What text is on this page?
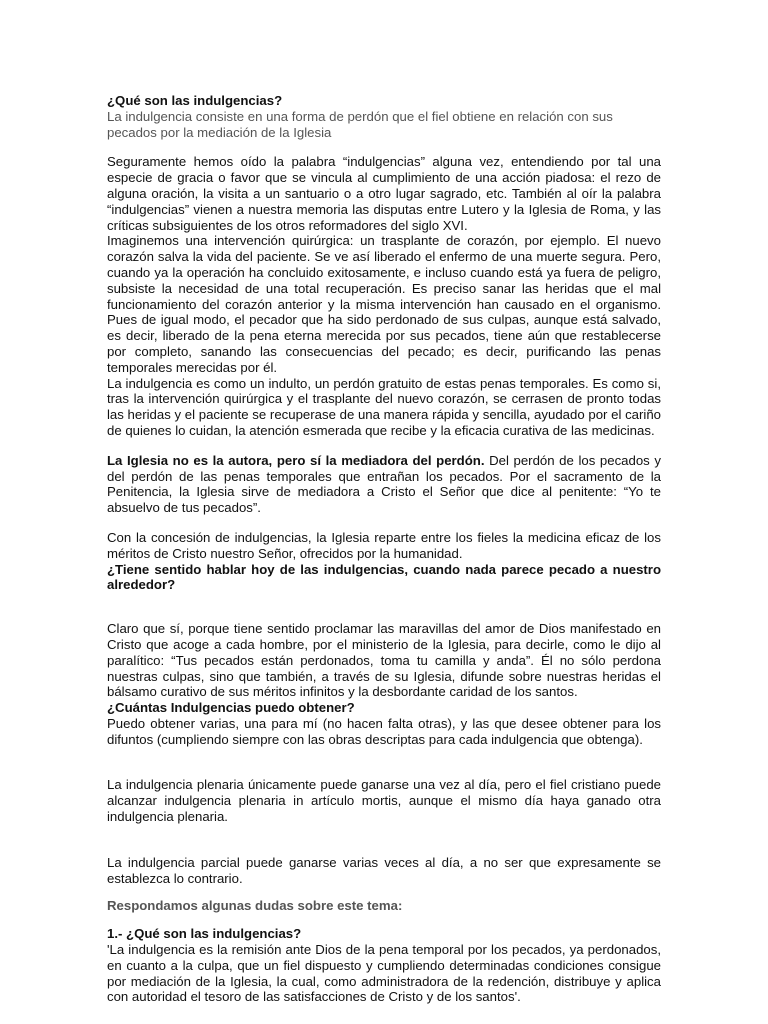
¿Qué son las indulgencias?
La indulgencia consiste en una forma de perdón que el fiel obtiene en relación con sus pecados por la mediación de la Iglesia

Seguramente hemos oído la palabra “indulgencias” alguna vez, entendiendo por tal una especie de gracia o favor que se vincula al cumplimiento de una acción piadosa: el rezo de alguna oración, la visita a un santuario o a otro lugar sagrado, etc. También al oír la palabra “indulgencias” vienen a nuestra memoria las disputas entre Lutero y la Iglesia de Roma, y las críticas subsiguientes de los otros reformadores del siglo XVI.

Imaginemos una intervención quirúrgica: un trasplante de corazón, por ejemplo. El nuevo corazón salva la vida del paciente. Se ve así liberado el enfermo de una muerte segura. Pero, cuando ya la operación ha concluido exitosamente, e incluso cuando está ya fuera de peligro, subsiste la necesidad de una total recuperación. Es preciso sanar las heridas que el mal funcionamiento del corazón anterior y la misma intervención han causado en el organismo. Pues de igual modo, el pecador que ha sido perdonado de sus culpas, aunque está salvado, es decir, liberado de la pena eterna merecida por sus pecados, tiene aún que restablecerse por completo, sanando las consecuencias del pecado; es decir, purificando las penas temporales merecidas por él.

La indulgencia es como un indulto, un perdón gratuito de estas penas temporales. Es como si, tras la intervención quirúrgica y el trasplante del nuevo corazón, se cerrasen de pronto todas las heridas y el paciente se recuperase de una manera rápida y sencilla, ayudado por el cariño de quienes lo cuidan, la atención esmerada que recibe y la eficacia curativa de las medicinas.

La Iglesia no es la autora, pero sí la mediadora del perdón. Del perdón de los pecados y del perdón de las penas temporales que entrañan los pecados. Por el sacramento de la Penitencia, la Iglesia sirve de mediadora a Cristo el Señor que dice al penitente: “Yo te absuelvo de tus pecados”.

Con la concesión de indulgencias, la Iglesia reparte entre los fieles la medicina eficaz de los méritos de Cristo nuestro Señor, ofrecidos por la humanidad.

¿Tiene sentido hablar hoy de las indulgencias, cuando nada parece pecado a nuestro alrededor?

Claro que sí, porque tiene sentido proclamar las maravillas del amor de Dios manifestado en Cristo que acoge a cada hombre, por el ministerio de la Iglesia, para decirle, como le dijo al paralítico: “Tus pecados están perdonados, toma tu camilla y anda”. Él no sólo perdona nuestras culpas, sino que también, a través de su Iglesia, difunde sobre nuestras heridas el bálsamo curativo de sus méritos infinitos y la desbordante caridad de los santos.

¿Cuántas Indulgencias puedo obtener?

Puedo obtener varias, una para mí (no hacen falta otras), y las que desee obtener para los difuntos (cumpliendo siempre con las obras descriptas para cada indulgencia que obtenga).

La indulgencia plenaria únicamente puede ganarse una vez al día, pero el fiel cristiano puede alcanzar indulgencia plenaria in artículo mortis, aunque el mismo día haya ganado otra indulgencia plenaria.

La indulgencia parcial puede ganarse varias veces al día, a no ser que expresamente se establezca lo contrario.

Respondamos algunas dudas sobre este tema:

1.- ¿Qué son las indulgencias?

'La indulgencia es la remisión ante Dios de la pena temporal por los pecados, ya perdonados, en cuanto a la culpa, que un fiel dispuesto y cumpliendo determinadas condiciones consigue por mediación de la Iglesia, la cual, como administradora de la redención, distribuye y aplica con autoridad el tesoro de las satisfacciones de Cristo y de los santos'.
